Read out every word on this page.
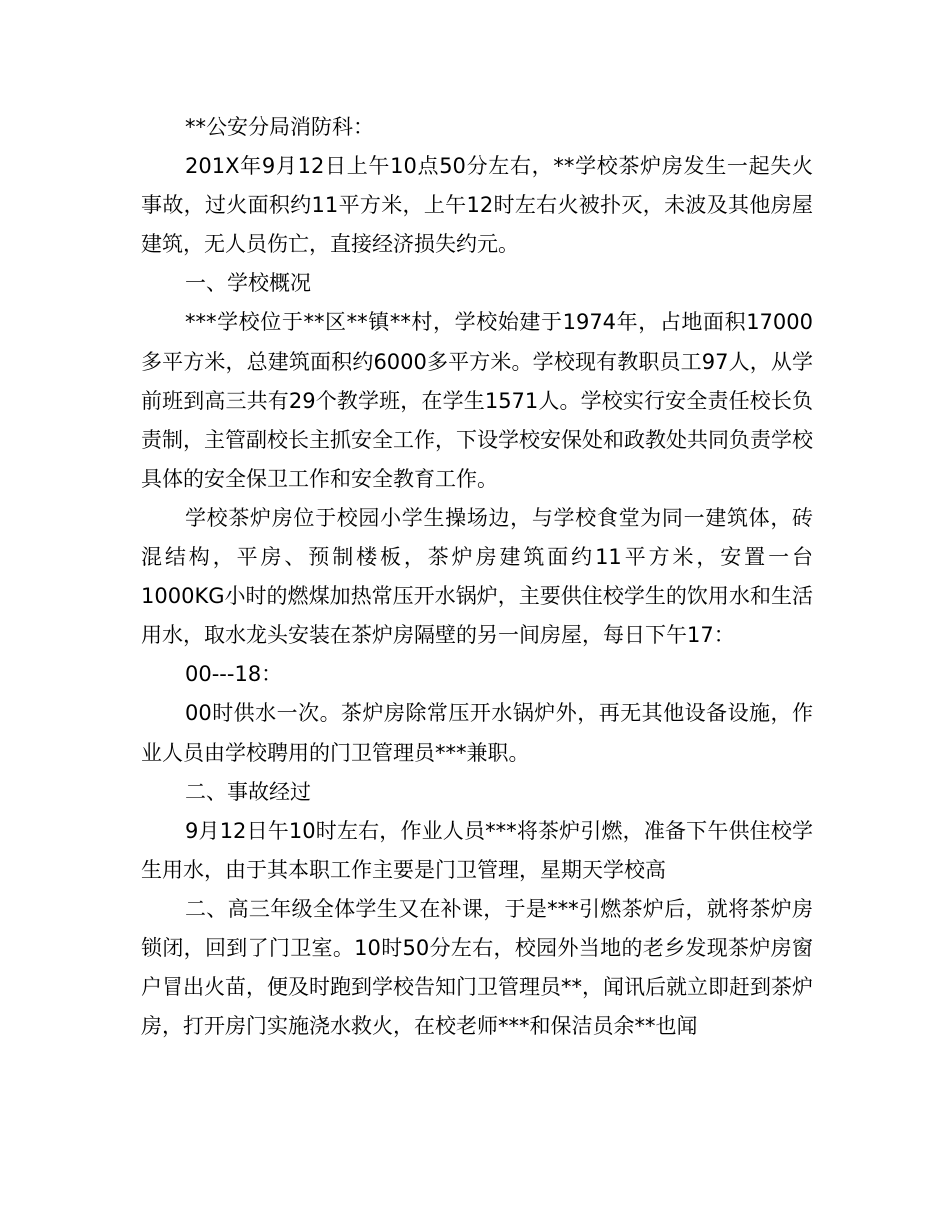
**公安分局消防科：

201X年9月12日上午10点50分左右，**学校茶炉房发生一起失火事故，过火面积约11平方米，上午12时左右火被扑灭，未波及其他房屋建筑，无人员伤亡，直接经济损失约元。

一、学校概况

***学校位于**区**镇**村，学校始建于1974年，占地面积17000多平方米，总建筑面积约6000多平方米。学校现有教职员工97人，从学前班到高三共有29个教学班，在学生1571人。学校实行安全责任校长负责制，主管副校长主抓安全工作，下设学校安保处和政教处共同负责学校具体的安全保卫工作和安全教育工作。

学校茶炉房位于校园小学生操场边，与学校食堂为同一建筑体，砖混结构，平房、预制楼板，茶炉房建筑面约11平方米，安置一台1000KG小时的燃煤加热常压开水锅炉，主要供住校学生的饮用水和生活用水，取水龙头安装在茶炉房隔壁的另一间房屋，每日下午17：

00---18：

00时供水一次。茶炉房除常压开水锅炉外，再无其他设备设施，作业人员由学校聘用的门卫管理员***兼职。

二、事故经过

9月12日午10时左右，作业人员***将茶炉引燃，准备下午供住校学生用水，由于其本职工作主要是门卫管理，星期天学校高

二、高三年级全体学生又在补课，于是***引燃茶炉后，就将茶炉房锁闭，回到了门卫室。10时50分左右，校园外当地的老乡发现茶炉房窗户冒出火苗，便及时跑到学校告知门卫管理员**，闻讯后就立即赶到茶炉房，打开房门实施浇水救火，在校老师***和保洁员余**也闻
